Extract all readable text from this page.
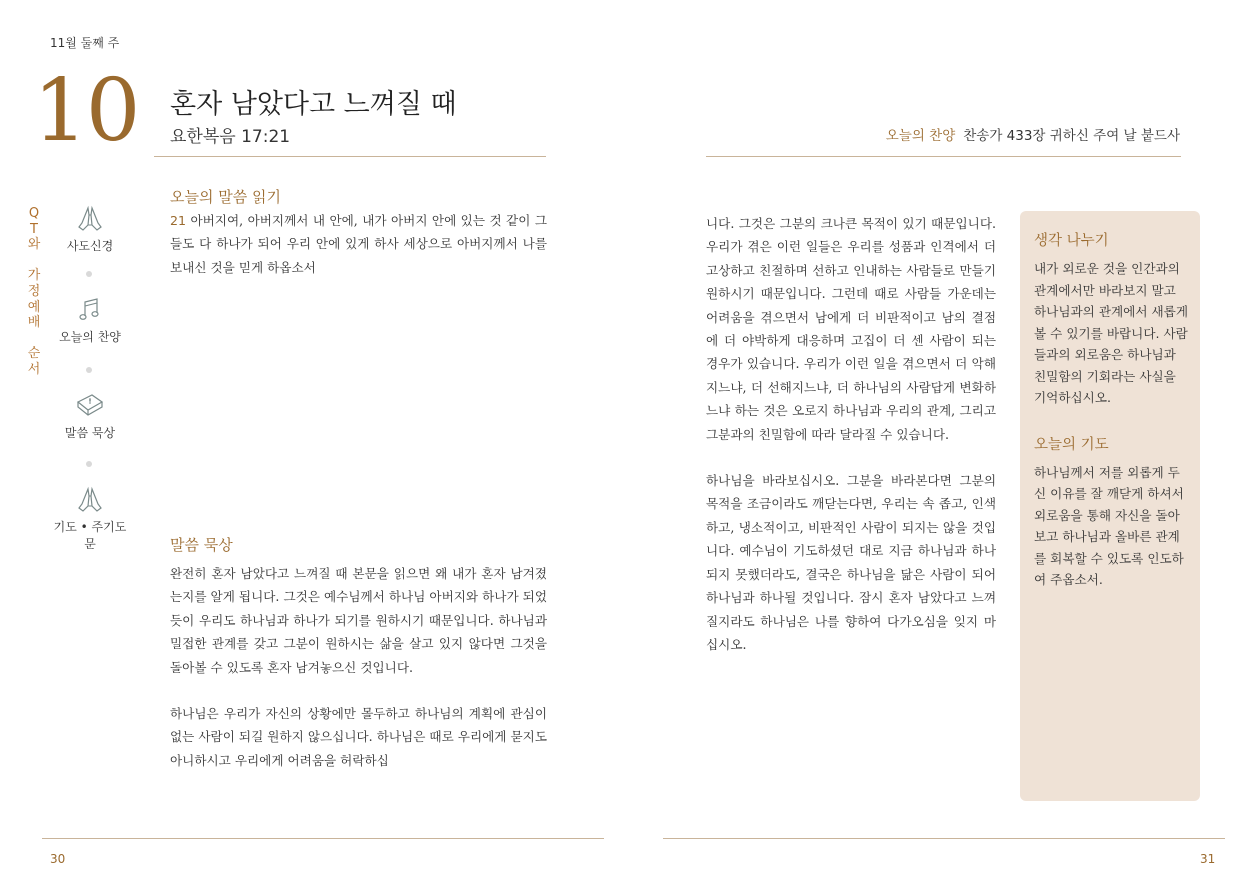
11월 둘째 주
10 혼자 남았다고 느껴질 때
요한복음 17:21	오늘의 찬양 찬송가 433장 귀하신 주여 날 붙드사
Q
T
와
가
정
예
배
순
서
사도신경
오늘의 찬양
말씀 묵상
기도 • 주기도문
오늘의 말씀 읽기

21 아버지여, 아버지께서 내 안에, 내가 아버지 안에 있는 것 같이 그들도 다 하나가 되어 우리 안에 있게 하사 세상으로 아버지께서 나를 보내신 것을 믿게 하옵소서

말씀 묵상

완전히 혼자 남았다고 느껴질 때 본문을 읽으면 왜 내가 혼자 남겨졌는지를 알게 됩니다. 그것은 예수님께서 하나님 아버지와 하나가 되었듯이 우리도 하나님과 하나가 되기를 원하시기 때문입니다. 하나님과 밀접한 관계를 갖고 그분이 원하시는 삶을 살고 있지 않다면 그것을 돌아볼 수 있도록 혼자 남겨놓으신 것입니다.

하나님은 우리가 자신의 상황에만 몰두하고 하나님의 계획에 관심이 없는 사람이 되길 원하지 않으십니다. 하나님은 때로 우리에게 묻지도 아니하시고 우리에게 어려움을 허락하십

니다. 그것은 그분의 크나큰 목적이 있기 때문입니다. 우리가 겪은 이런 일들은 우리를 성품과 인격에서 더 고상하고 친절하며 선하고 인내하는 사람들로 만들기 원하시기 때문입니다. 그런데 때로 사람들 가운데는 어려움을 겪으면서 남에게 더 비판적이고 남의 결점에 더 야박하게 대응하며 고집이 더 센 사람이 되는 경우가 있습니다. 우리가 이런 일을 겪으면서 더 악해지느냐, 더 선해지느냐, 더 하나님의 사람답게 변화하느냐 하는 것은 오로지 하나님과 우리의 관계, 그리고 그분과의 친밀함에 따라 달라질 수 있습니다.

하나님을 바라보십시오. 그분을 바라본다면 그분의 목적을 조금이라도 깨닫는다면, 우리는 속 좁고, 인색하고, 냉소적이고, 비판적인 사람이 되지는 않을 것입니다. 예수님이 기도하셨던 대로 지금 하나님과 하나되지 못했더라도, 결국은 하나님을 닮은 사람이 되어 하나님과 하나될 것입니다. 잠시 혼자 남았다고 느껴질지라도 하나님은 나를 향하여 다가오심을 잊지 마십시오.

생각 나누기
내가 외로운 것을 인간과의 관계에서만 바라보지 말고 하나님과의 관계에서 새롭게 볼 수 있기를 바랍니다. 사람들과의 외로움은 하나님과 친밀함의 기회라는 사실을 기억하십시오.
오늘의 기도
하나님께서 저를 외롭게 두신 이유를 잘 깨닫게 하셔서 외로움을 통해 자신을 돌아보고 하나님과 올바른 관계를 회복할 수 있도록 인도하여 주옵소서.
30	31
